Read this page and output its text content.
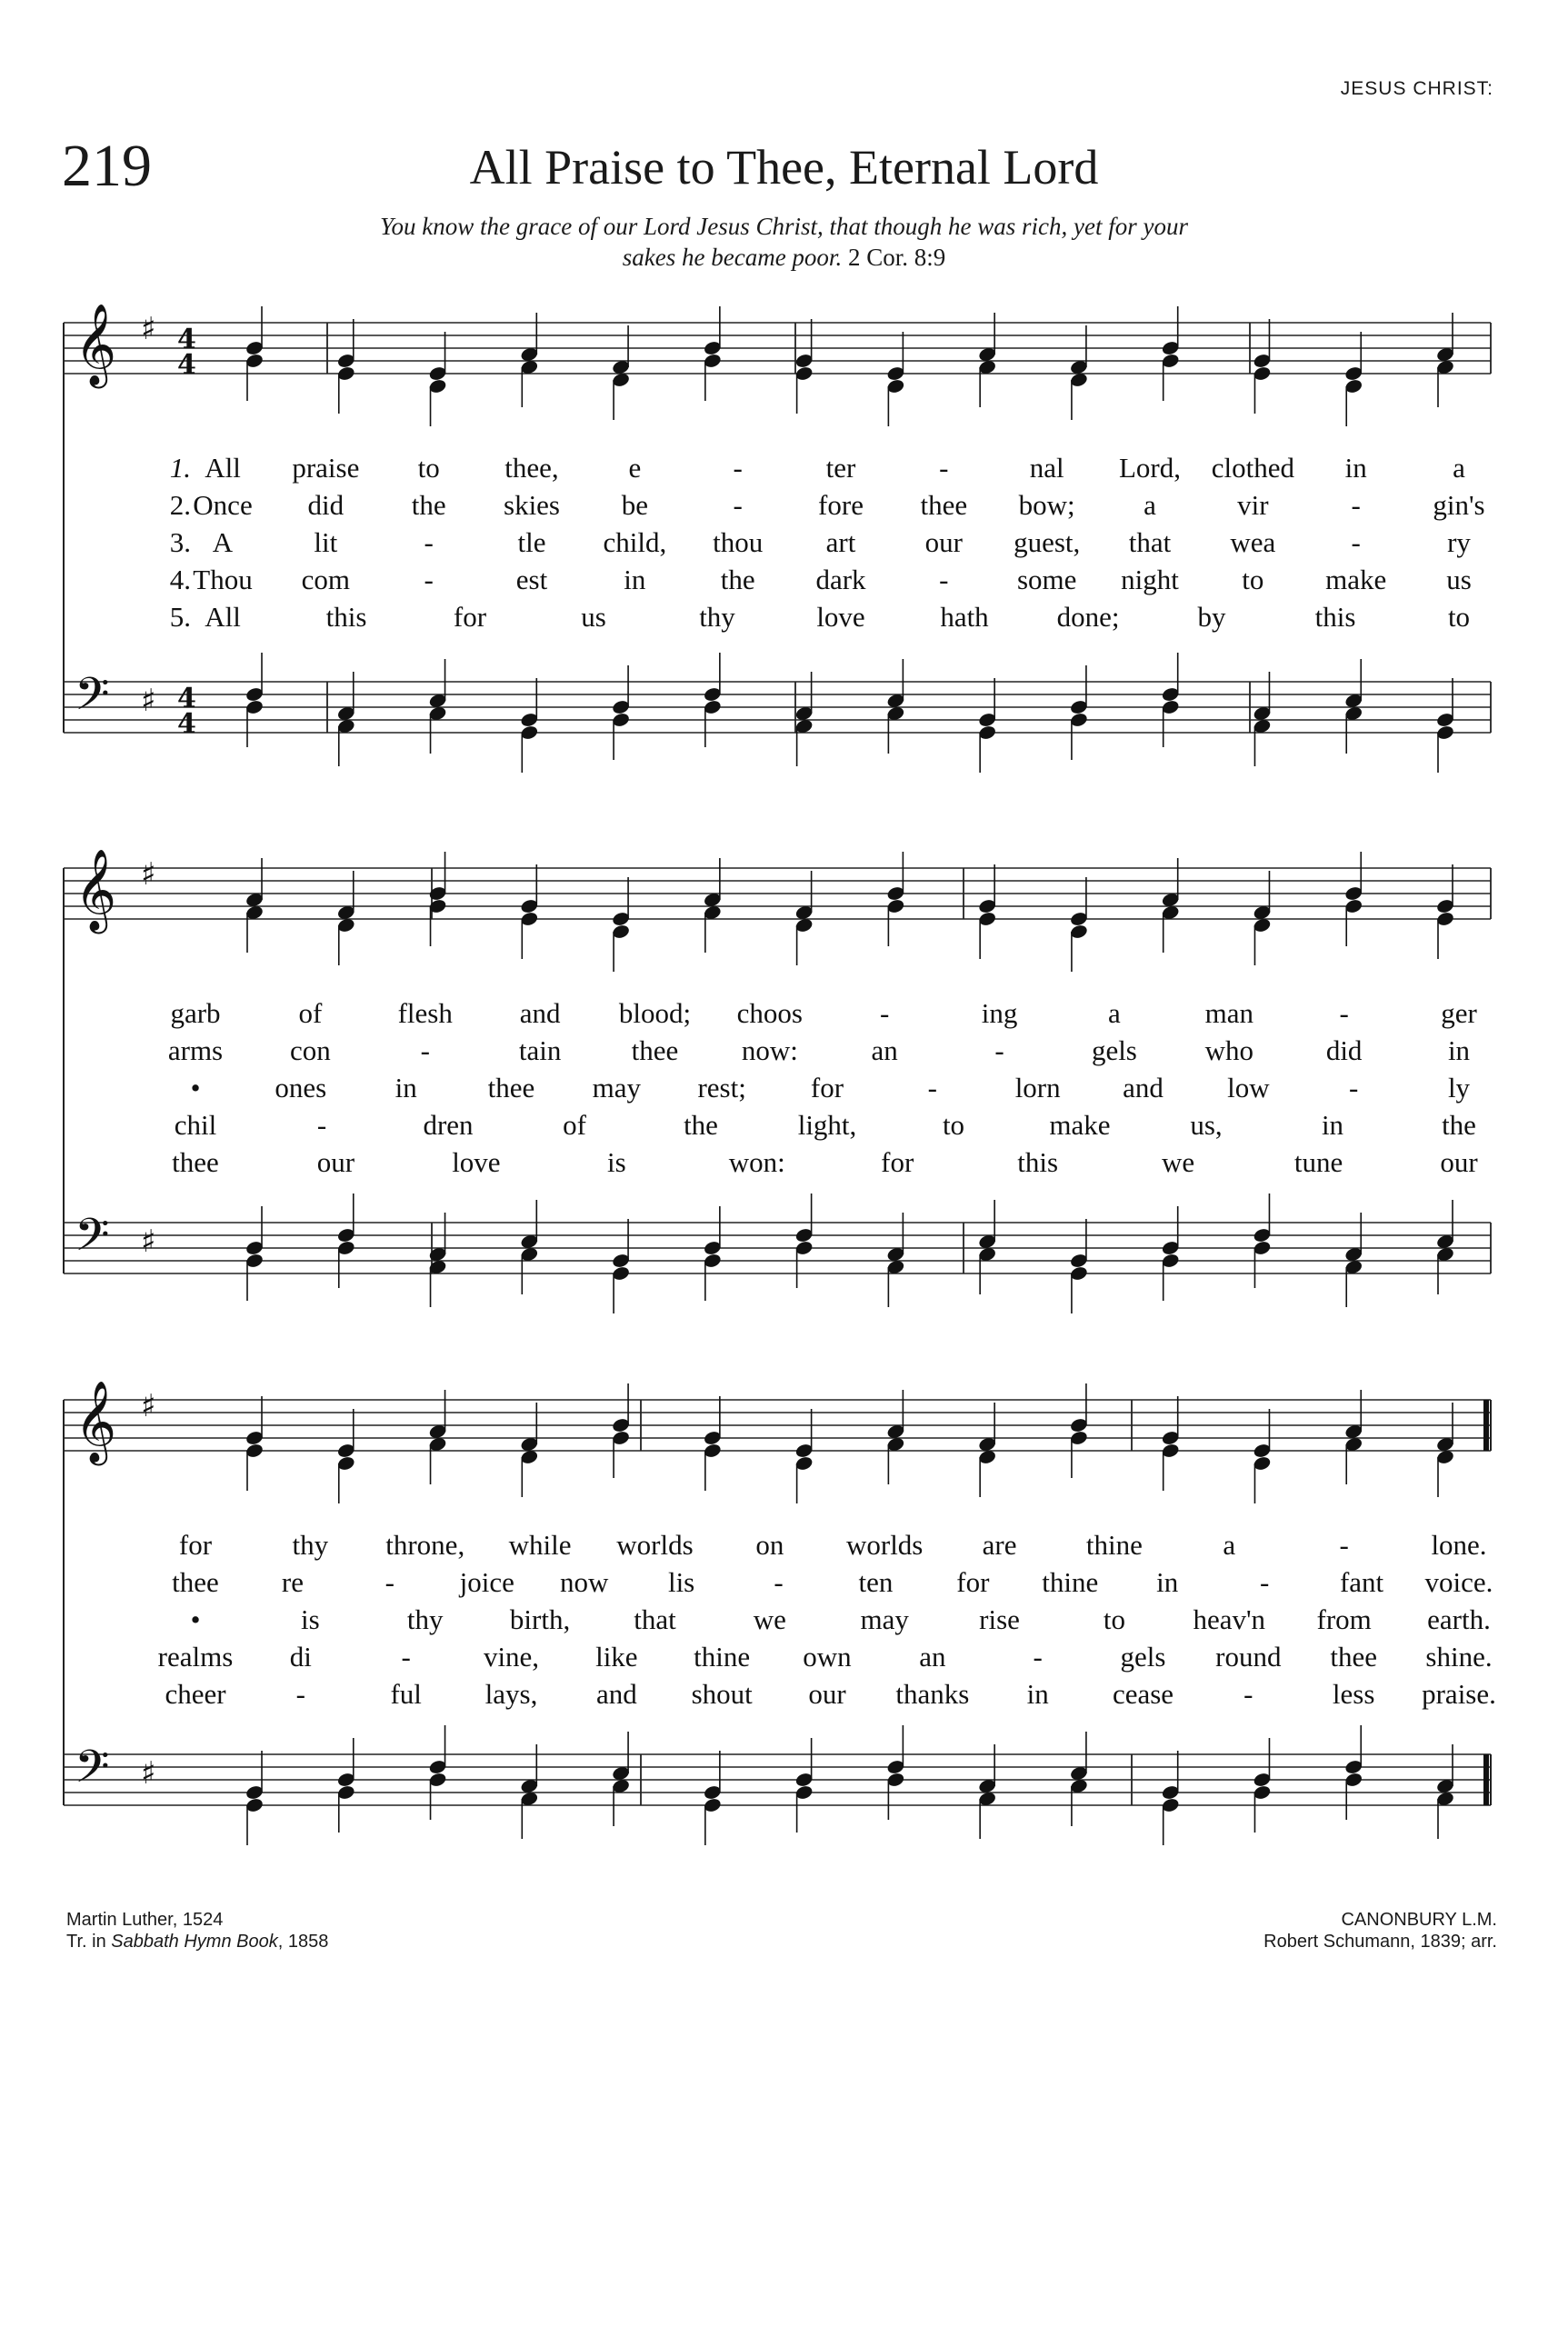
JESUS CHRIST:
219	All Praise to Thee, Eternal Lord
You know the grace of our Lord Jesus Christ, that though he was rich, yet for your
sakes he became poor. 2 Cor. 8:9
𝄞 ♯ 4
4
𝄢 ♯ 4
4
1. All praise to thee, e	-	ter	-	nal Lord, clothed in	a
2. Once did the skies be	-	fore thee bow; a	vir	-	gin's
3. A	lit	-	tle child, thou art our guest, that wea	-	ry
4. Thou com	-	est	in	the dark	- some night to make us
5. All	this	for	us	thy	love	hath done;	by	this	to
𝄞 ♯
𝄢 ♯
garb	of	flesh and blood; choos	-	ing	a	man	-	ger
arms con	-	tain thee now:	an	-	gels who	did	in
•	ones in	thee may rest; for	-	lorn and low	-	ly
chil	-	dren	of	the	light,	to	make	us,	in	the
thee	our	love	is	won:	for	this	we	tune	our
𝄞 ♯
𝄢 ♯
for	thy throne, while worlds on worlds are thine	a	-	lone.
thee re	- joice now lis	-	ten for thine in	-	fant voice.
•	is	thy birth, that	we	may rise	to heav'n from earth.
realms di	-	vine, like thine own an	-	gels round thee shine.
cheer -	ful lays, and shout our thanks in cease -	less praise.
Martin Luther, 1524
Tr. in Sabbath Hymn Book, 1858
CANONBURY L.M.
Robert Schumann, 1839; arr.
